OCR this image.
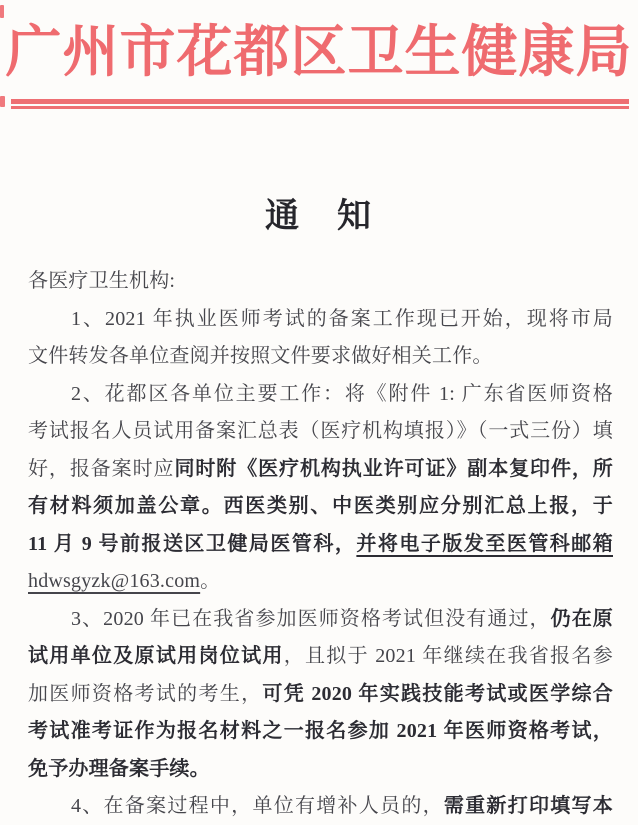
广州市花都区卫生健康局
通　知
各医疗卫生机构:
1、2021 年执业医师考试的备案工作现已开始，现将市局
文件转发各单位查阅并按照文件要求做好相关工作。
2、花都区各单位主要工作：将《附件 1: 广东省医师资格
考试报名人员试用备案汇总表（医疗机构填报）》（一式三份）填
好，报备案时应同时附《医疗机构执业许可证》副本复印件，所
有材料须加盖公章。西医类别、中医类别应分别汇总上报，于
11 月 9 号前报送区卫健局医管科，并将电子版发至医管科邮箱
hdwsgyzk@163.com。
3、2020 年已在我省参加医师资格考试但没有通过，仍在原
试用单位及原试用岗位试用，且拟于 2021 年继续在我省报名参
加医师资格考试的考生，可凭 2020 年实践技能考试或医学综合
考试准考证作为报名材料之一报名参加 2021 年医师资格考试，
免予办理备案手续。
4、在备案过程中，单位有增补人员的，需重新打印填写本
